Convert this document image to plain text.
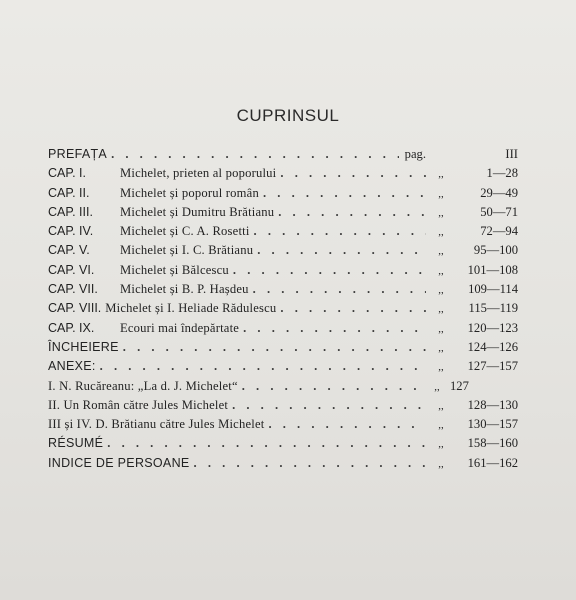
CUPRINSUL
PREFAȚA . . .	pag.	III
CAP. I.	Michelet, prieten al poporului . . .	,,	1—28
CAP. II.	Michelet și poporul român . . .	,,	29—49
CAP. III.	Michelet și Dumitru Brătianu . . .	,,	50—71
CAP. IV.	Michelet și C. A. Rosetti . . .	,,	72—94
CAP. V.	Michelet și I. C. Brătianu . . .	,,	95—100
CAP. VI.	Michelet și Bălcescu . . .	,,	101—108
CAP. VII.	Michelet și B. P. Hașdeu . . .	,,	109—114
CAP. VIII. Michelet și I. Heliade Rădulescu . . .	,,	115—119
CAP. IX.	Ecouri mai îndepărtate . . .	,,	120—123
ÎNCHEIERE . . .	,,	124—126
ANEXE: . . .	,,	127—157
I. N. Rucăreanu: „La d. J. Michelet“ . . .	,, 127
II. Un Român către Jules Michelet . . .	,,	128—130
III și IV. D. Brătianu către Jules Michelet . . .	,,	130—157
RÉSUMÉ . . .	,,	158—160
INDICE DE PERSOANE . . .	,,	161—162
